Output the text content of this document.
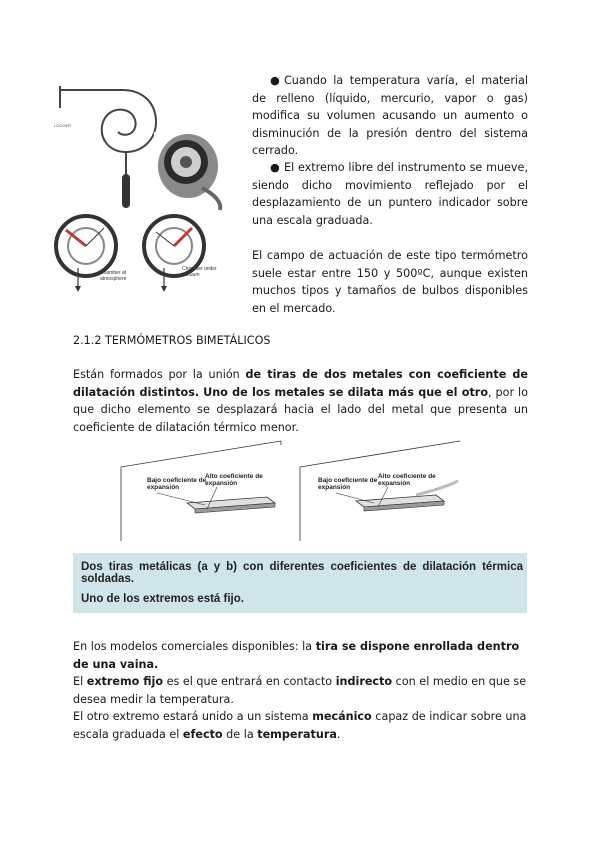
LOGGER
Chamber at atmosphere
Chamber under vacuum
● Cuando la temperatura varía, el material de relleno (líquido, mercurio, vapor o gas) modifica su volumen acusando un aumento o disminución de la presión dentro del sistema cerrado.
● El extremo libre del instrumento se mueve, siendo dicho movimiento reflejado por el desplazamiento de un puntero indicador sobre una escala graduada.
El campo de actuación de este tipo termómetro suele estar entre 150 y 500ºC, aunque existen muchos tipos y tamaños de bulbos disponibles en el mercado.
2.1.2 TERMÓMETROS BIMETÁLICOS
Están formados por la unión de tiras de dos metales con coeficiente de dilatación distintos. Uno de los metales se dilata más que el otro, por lo que dicho elemento se desplazará hacia el lado del metal que presenta un coeficiente de dilatación térmico menor.
Bajo coeficiente de expansión
Alto coeficiente de expansión	Bajo coeficiente de expansión
Alto coeficiente de expansión
Dos tiras metálicas (a y b) con diferentes coeficientes de dilatación térmica soldadas.
Uno de los extremos está fijo.
En los modelos comerciales disponibles: la tira se dispone enrollada dentro de una vaina.
El extremo fijo es el que entrará en contacto indirecto con el medio en que se desea medir la temperatura.
El otro extremo estará unido a un sistema mecánico capaz de indicar sobre una escala graduada el efecto de la temperatura.
